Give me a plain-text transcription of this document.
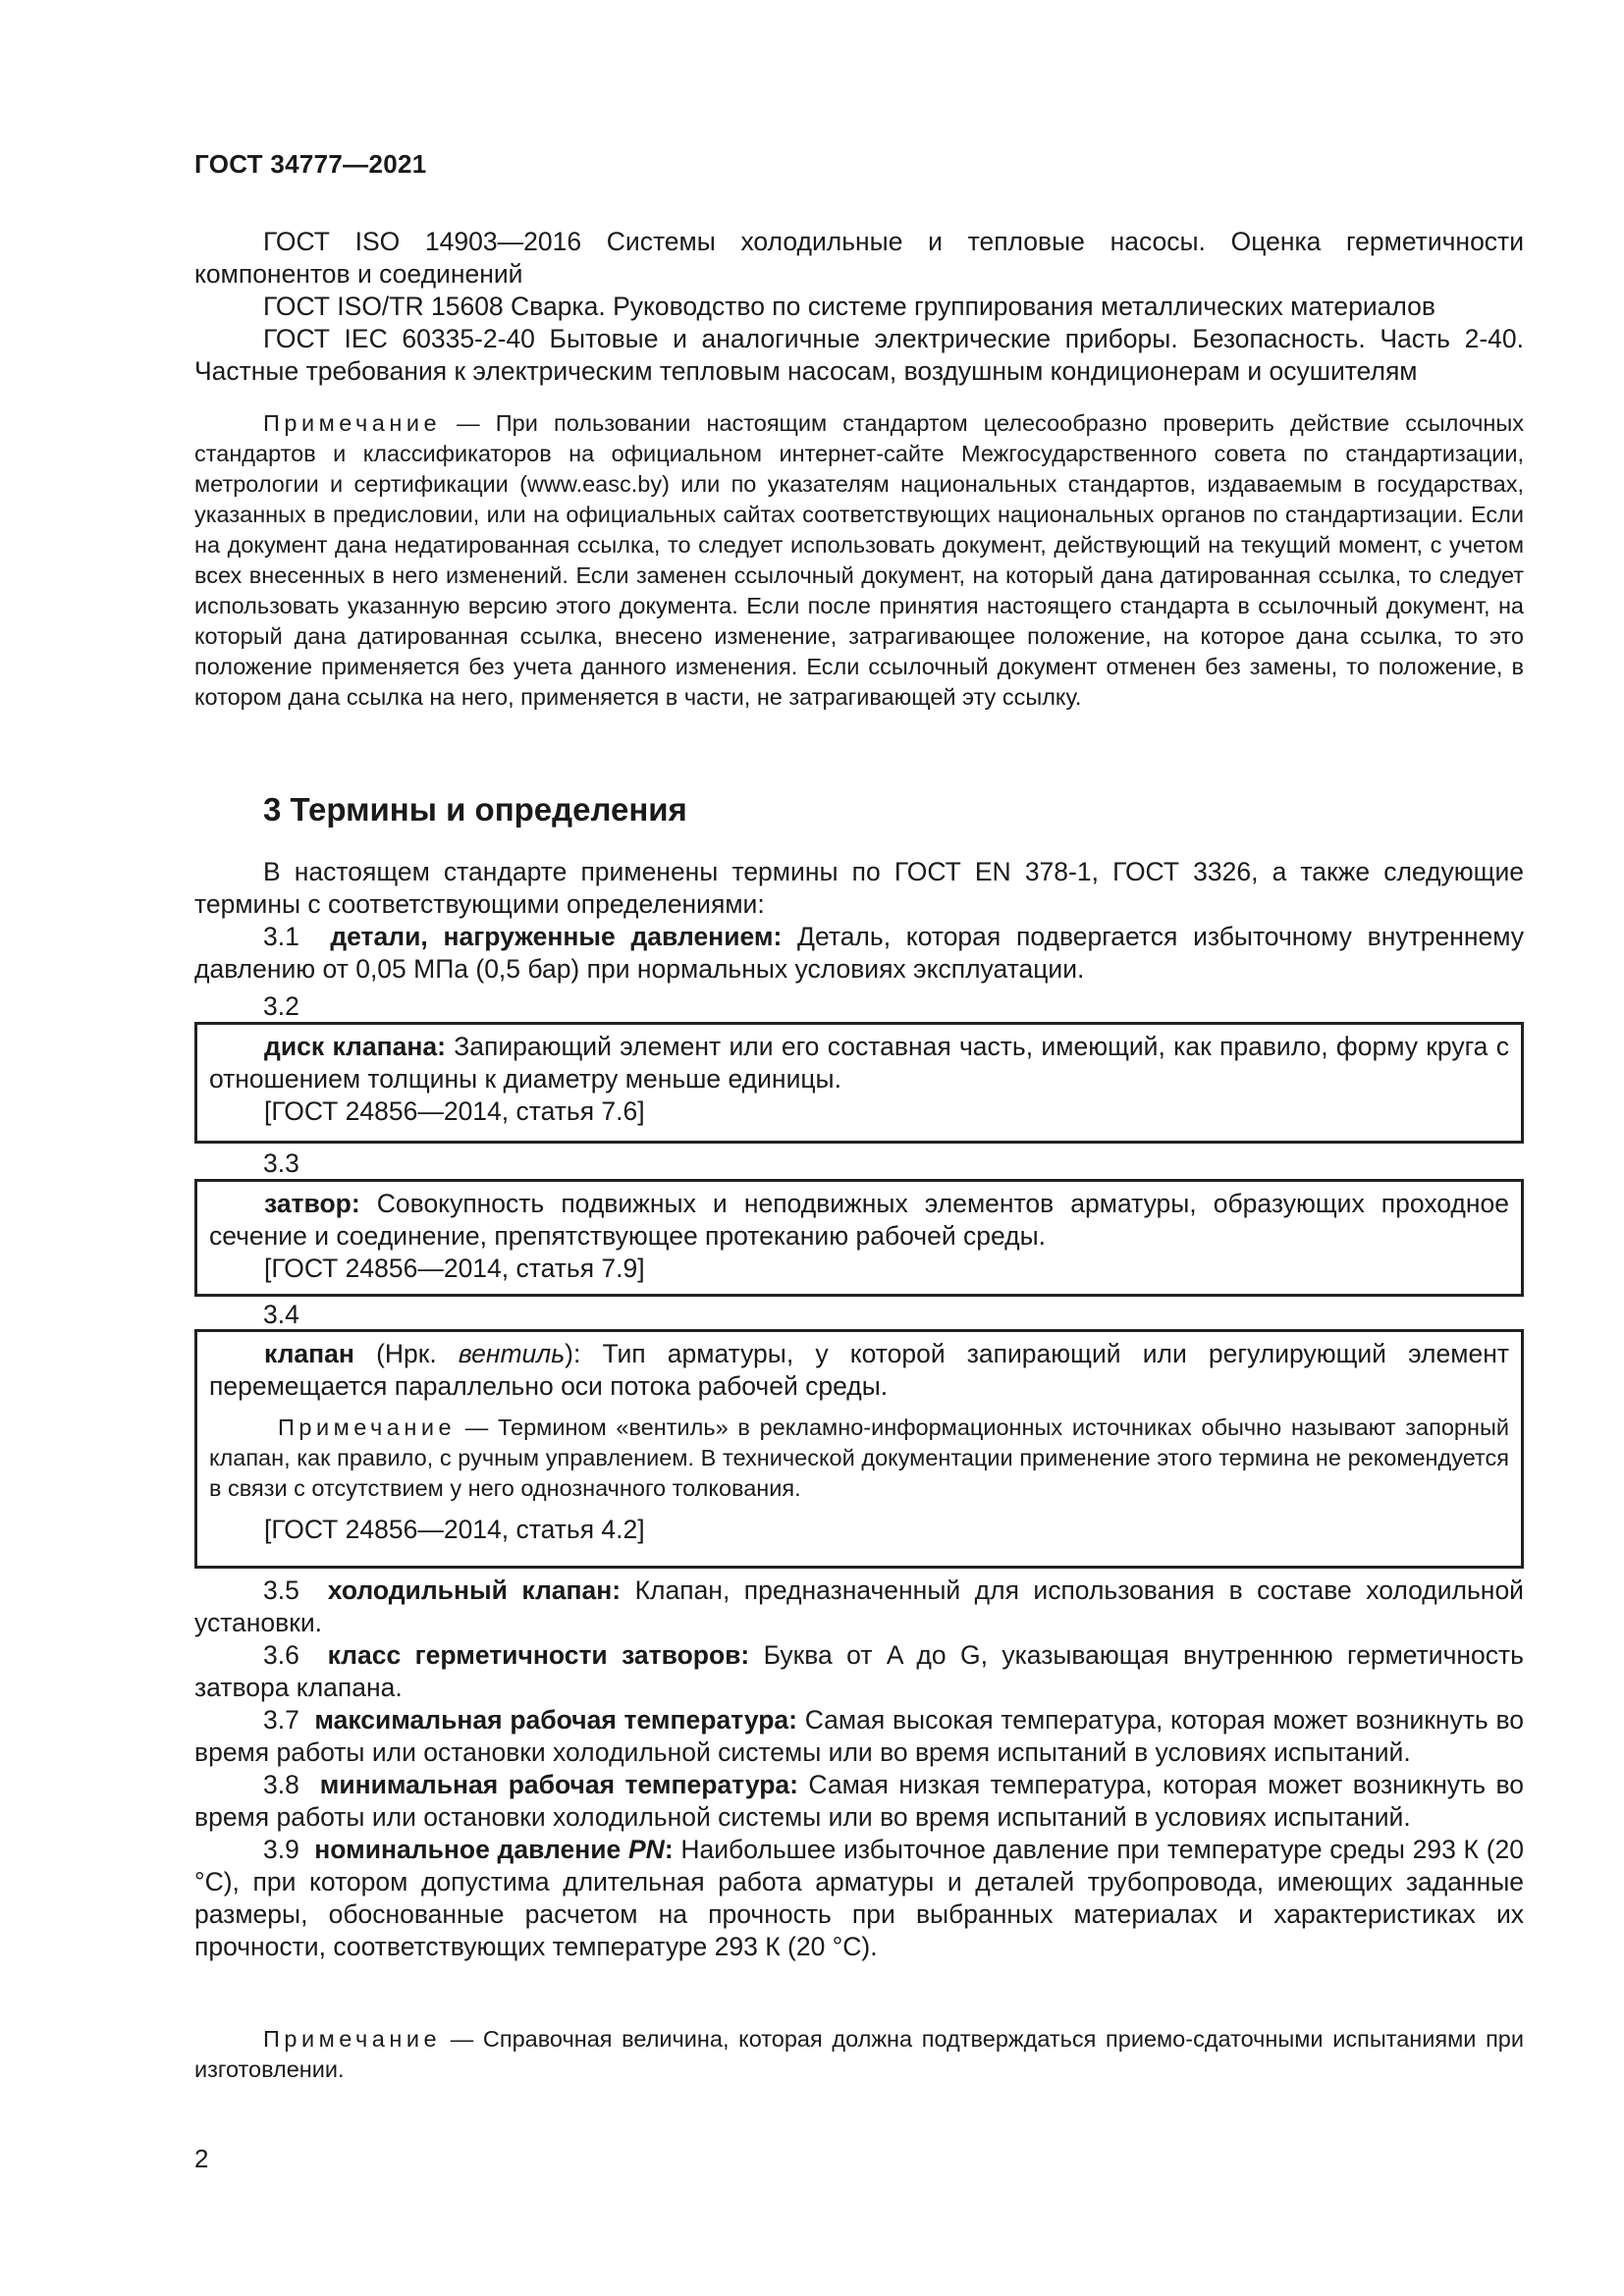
ГОСТ 34777—2021

ГОСТ ISO 14903—2016 Системы холодильные и тепловые насосы. Оценка герметичности компонентов и соединений

ГОСТ ISO/TR 15608 Сварка. Руководство по системе группирования металлических материалов

ГОСТ IEC 60335-2-40 Бытовые и аналогичные электрические приборы. Безопасность. Часть 2-40. Частные требования к электрическим тепловым насосам, воздушным кондиционерам и осушителям

Примечание — При пользовании настоящим стандартом целесообразно проверить действие ссылочных стандартов и классификаторов на официальном интернет-сайте Межгосударственного совета по стандартизации, метрологии и сертификации (www.easc.by) или по указателям национальных стандартов, издаваемым в государствах, указанных в предисловии, или на официальных сайтах соответствующих национальных органов по стандартизации. Если на документ дана недатированная ссылка, то следует использовать документ, действующий на текущий момент, с учетом всех внесенных в него изменений. Если заменен ссылочный документ, на который дана датированная ссылка, то следует использовать указанную версию этого документа. Если после принятия настоящего стандарта в ссылочный документ, на который дана датированная ссылка, внесено изменение, затрагивающее положение, на которое дана ссылка, то это положение применяется без учета данного изменения. Если ссылочный документ отменен без замены, то положение, в котором дана ссылка на него, применяется в части, не затрагивающей эту ссылку.

3 Термины и определения

В настоящем стандарте применены термины по ГОСТ EN 378-1, ГОСТ 3326, а также следующие термины с соответствующими определениями:

3.1 детали, нагруженные давлением: Деталь, которая подвергается избыточному внутреннему давлению от 0,05 МПа (0,5 бар) при нормальных условиях эксплуатации.

3.2

диск клапана: Запирающий элемент или его составная часть, имеющий, как правило, форму круга с отношением толщины к диаметру меньше единицы.

[ГОСТ 24856—2014, статья 7.6]

3.3

затвор: Совокупность подвижных и неподвижных элементов арматуры, образующих проходное сечение и соединение, препятствующее протеканию рабочей среды.

[ГОСТ 24856—2014, статья 7.9]

3.4

клапан (Нрк. вентиль): Тип арматуры, у которой запирающий или регулирующий элемент перемещается параллельно оси потока рабочей среды.

Примечание — Термином «вентиль» в рекламно-информационных источниках обычно называют запорный клапан, как правило, с ручным управлением. В технической документации применение этого термина не рекомендуется в связи с отсутствием у него однозначного толкования.

[ГОСТ 24856—2014, статья 4.2]

3.5 холодильный клапан: Клапан, предназначенный для использования в составе холодильной установки.

3.6 класс герметичности затворов: Буква от A до G, указывающая внутреннюю герметичность затвора клапана.

3.7 максимальная рабочая температура: Самая высокая температура, которая может возникнуть во время работы или остановки холодильной системы или во время испытаний в условиях испытаний.

3.8 минимальная рабочая температура: Самая низкая температура, которая может возникнуть во время работы или остановки холодильной системы или во время испытаний в условиях испытаний.

3.9 номинальное давление PN: Наибольшее избыточное давление при температуре среды 293 К (20 °С), при котором допустима длительная работа арматуры и деталей трубопровода, имеющих заданные размеры, обоснованные расчетом на прочность при выбранных материалах и характеристиках их прочности, соответствующих температуре 293 К (20 °С).

Примечание — Справочная величина, которая должна подтверждаться приемо-сдаточными испытаниями при изготовлении.

2
